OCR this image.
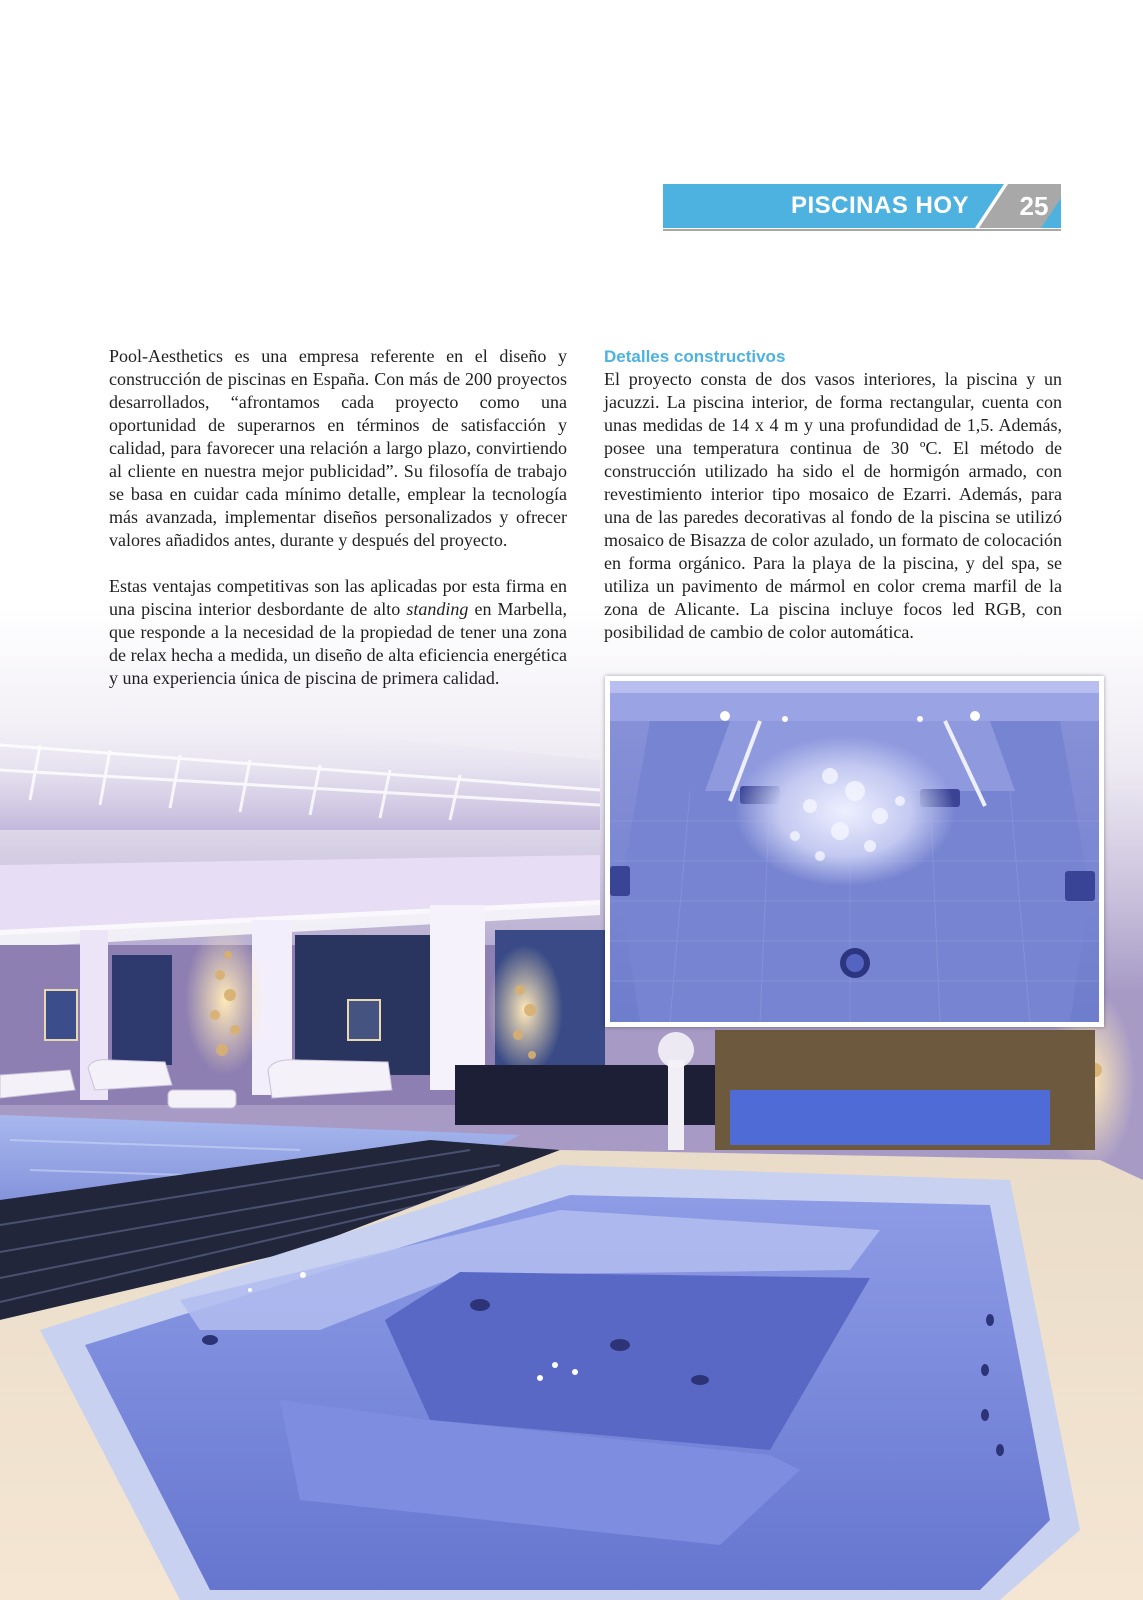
PISCINAS HOY 25

Pool-Aesthetics es una empresa referente en el diseño y construcción de piscinas en España. Con más de 200 proyectos desarrollados, “afrontamos cada proyecto como una oportunidad de superarnos en términos de satisfacción y calidad, para favorecer una relación a largo plazo, convirtiendo al cliente en nuestra mejor publicidad”. Su filosofía de trabajo se basa en cuidar cada mínimo detalle, emplear la tecnología más avanzada, implementar diseños personalizados y ofrecer valores añadidos antes, durante y después del proyecto.

Estas ventajas competitivas son las aplicadas por esta firma en una piscina interior desbordante de alto standing en Marbella, que responde a la necesidad de la propiedad de tener una zona de relax hecha a medida, un diseño de alta eficiencia energética y una experiencia única de piscina de primera calidad.

Detalles constructivos

El proyecto consta de dos vasos interiores, la piscina y un jacuzzi. La piscina interior, de forma rectangular, cuenta con unas medidas de 14 x 4 m y una profundidad de 1,5. Además, posee una temperatura continua de 30 ºC. El método de construcción utilizado ha sido el de hormigón armado, con revestimiento interior tipo mosaico de Ezarri. Además, para una de las paredes decorativas al fondo de la piscina se utilizó mosaico de Bisazza de color azulado, un formato de colocación en forma orgánico. Para la playa de la piscina, y del spa, se utiliza un pavimento de mármol en color crema marfil de la zona de Alicante. La piscina incluye focos led RGB, con posibilidad de cambio de color automática.
